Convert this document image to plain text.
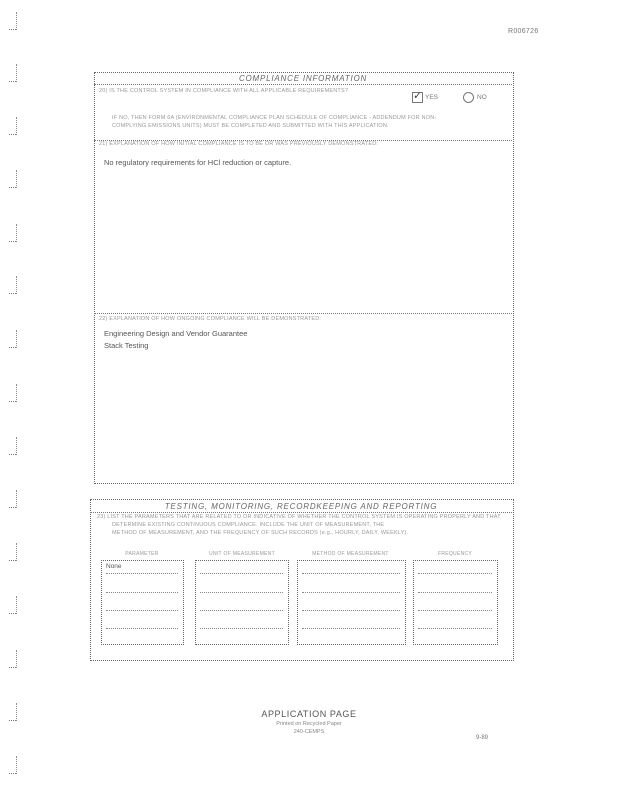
R006726
COMPLIANCE INFORMATION
20) IS THE CONTROL SYSTEM IN COMPLIANCE WITH ALL APPLICABLE REQUIREMENTS?
✓
YES	NO
IF NO, THEN FORM 6A (ENVIRONMENTAL COMPLIANCE PLAN SCHEDULE OF COMPLIANCE - ADDENDUM FOR NON-
COMPLYING EMISSIONS UNITS) MUST BE COMPLETED AND SUBMITTED WITH THIS APPLICATION.
21) EXPLANATION OF HOW INITIAL COMPLIANCE IS TO BE OR WAS PREVIOUSLY DEMONSTRATED:
No regulatory requirements for HCl reduction or capture.
22) EXPLANATION OF HOW ONGOING COMPLIANCE WILL BE DEMONSTRATED:
Engineering Design and Vendor Guarantee
Stack Testing
TESTING, MONITORING, RECORDKEEPING AND REPORTING
23) LIST THE PARAMETERS THAT ARE RELATED TO OR INDICATIVE OF WHETHER THE CONTROL SYSTEM IS OPERATING PROPERLY AND THAT
DETERMINE EXISTING CONTINUOUS COMPLIANCE. INCLUDE THE UNIT OF MEASUREMENT, THE
METHOD OF MEASUREMENT, AND THE FREQUENCY OF SUCH RECORDS (e.g., HOURLY, DAILY, WEEKLY).
PARAMETER	UNIT OF MEASUREMENT	METHOD OF MEASUREMENT	FREQUENCY
None
APPLICATION PAGE
Printed on Recycled Paper
240-CEMPS
9-89
